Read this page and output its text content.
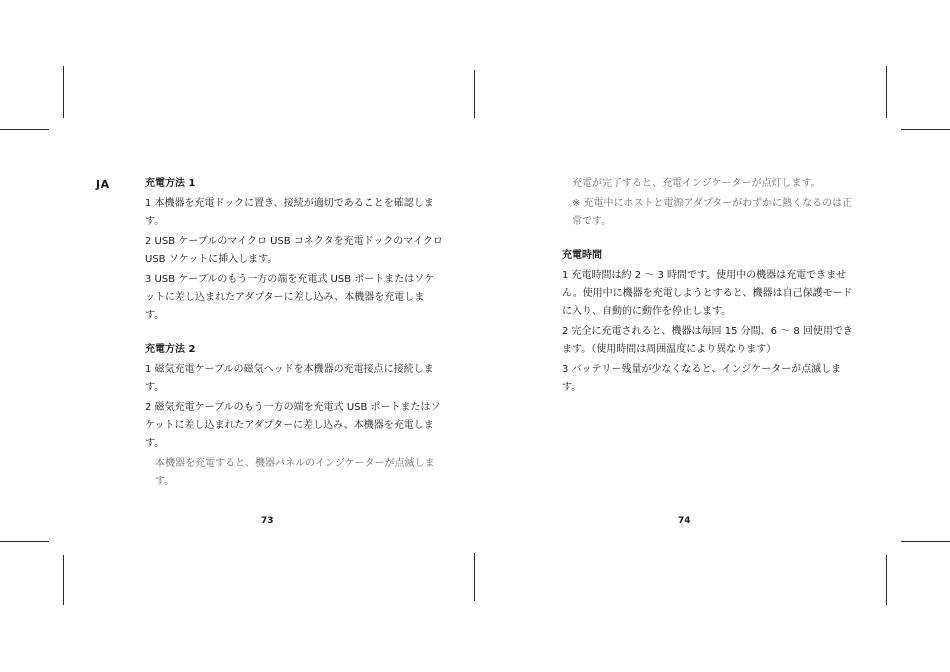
JA	充電方法 1

1 本機器を充電ドックに置き、接続が適切であることを確認します。

2 USB ケーブルのマイクロ USB コネクタを充電ドックのマイクロ USB ソケットに挿入します。

3 USB ケーブルのもう一方の端を充電式 USB ポートまたはソケットに差し込まれたアダプターに差し込み、本機器を充電します。

充電方法 2

1 磁気充電ケーブルの磁気ヘッドを本機器の充電接点に接続します。

2 磁気充電ケーブルのもう一方の端を充電式 USB ポートまたはソケットに差し込まれたアダプターに差し込み、本機器を充電します。

本機器を充電すると、機器パネルのインジケーターが点滅します。

充電が完了すると、充電インジケーターが点灯します。

※ 充電中にホストと電源アダプターがわずかに熱くなるのは正常です。

充電時間

1 充電時間は約 2 〜 3 時間です。使用中の機器は充電できません。使用中に機器を充電しようとすると、機器は自己保護モードに入り、自動的に動作を停止します。

2 完全に充電されると、機器は毎回 15 分間、6 〜 8 回使用できます。（使用時間は周囲温度により異なります）

3 バッテリー残量が少なくなると、インジケーターが点滅します。

73	74
